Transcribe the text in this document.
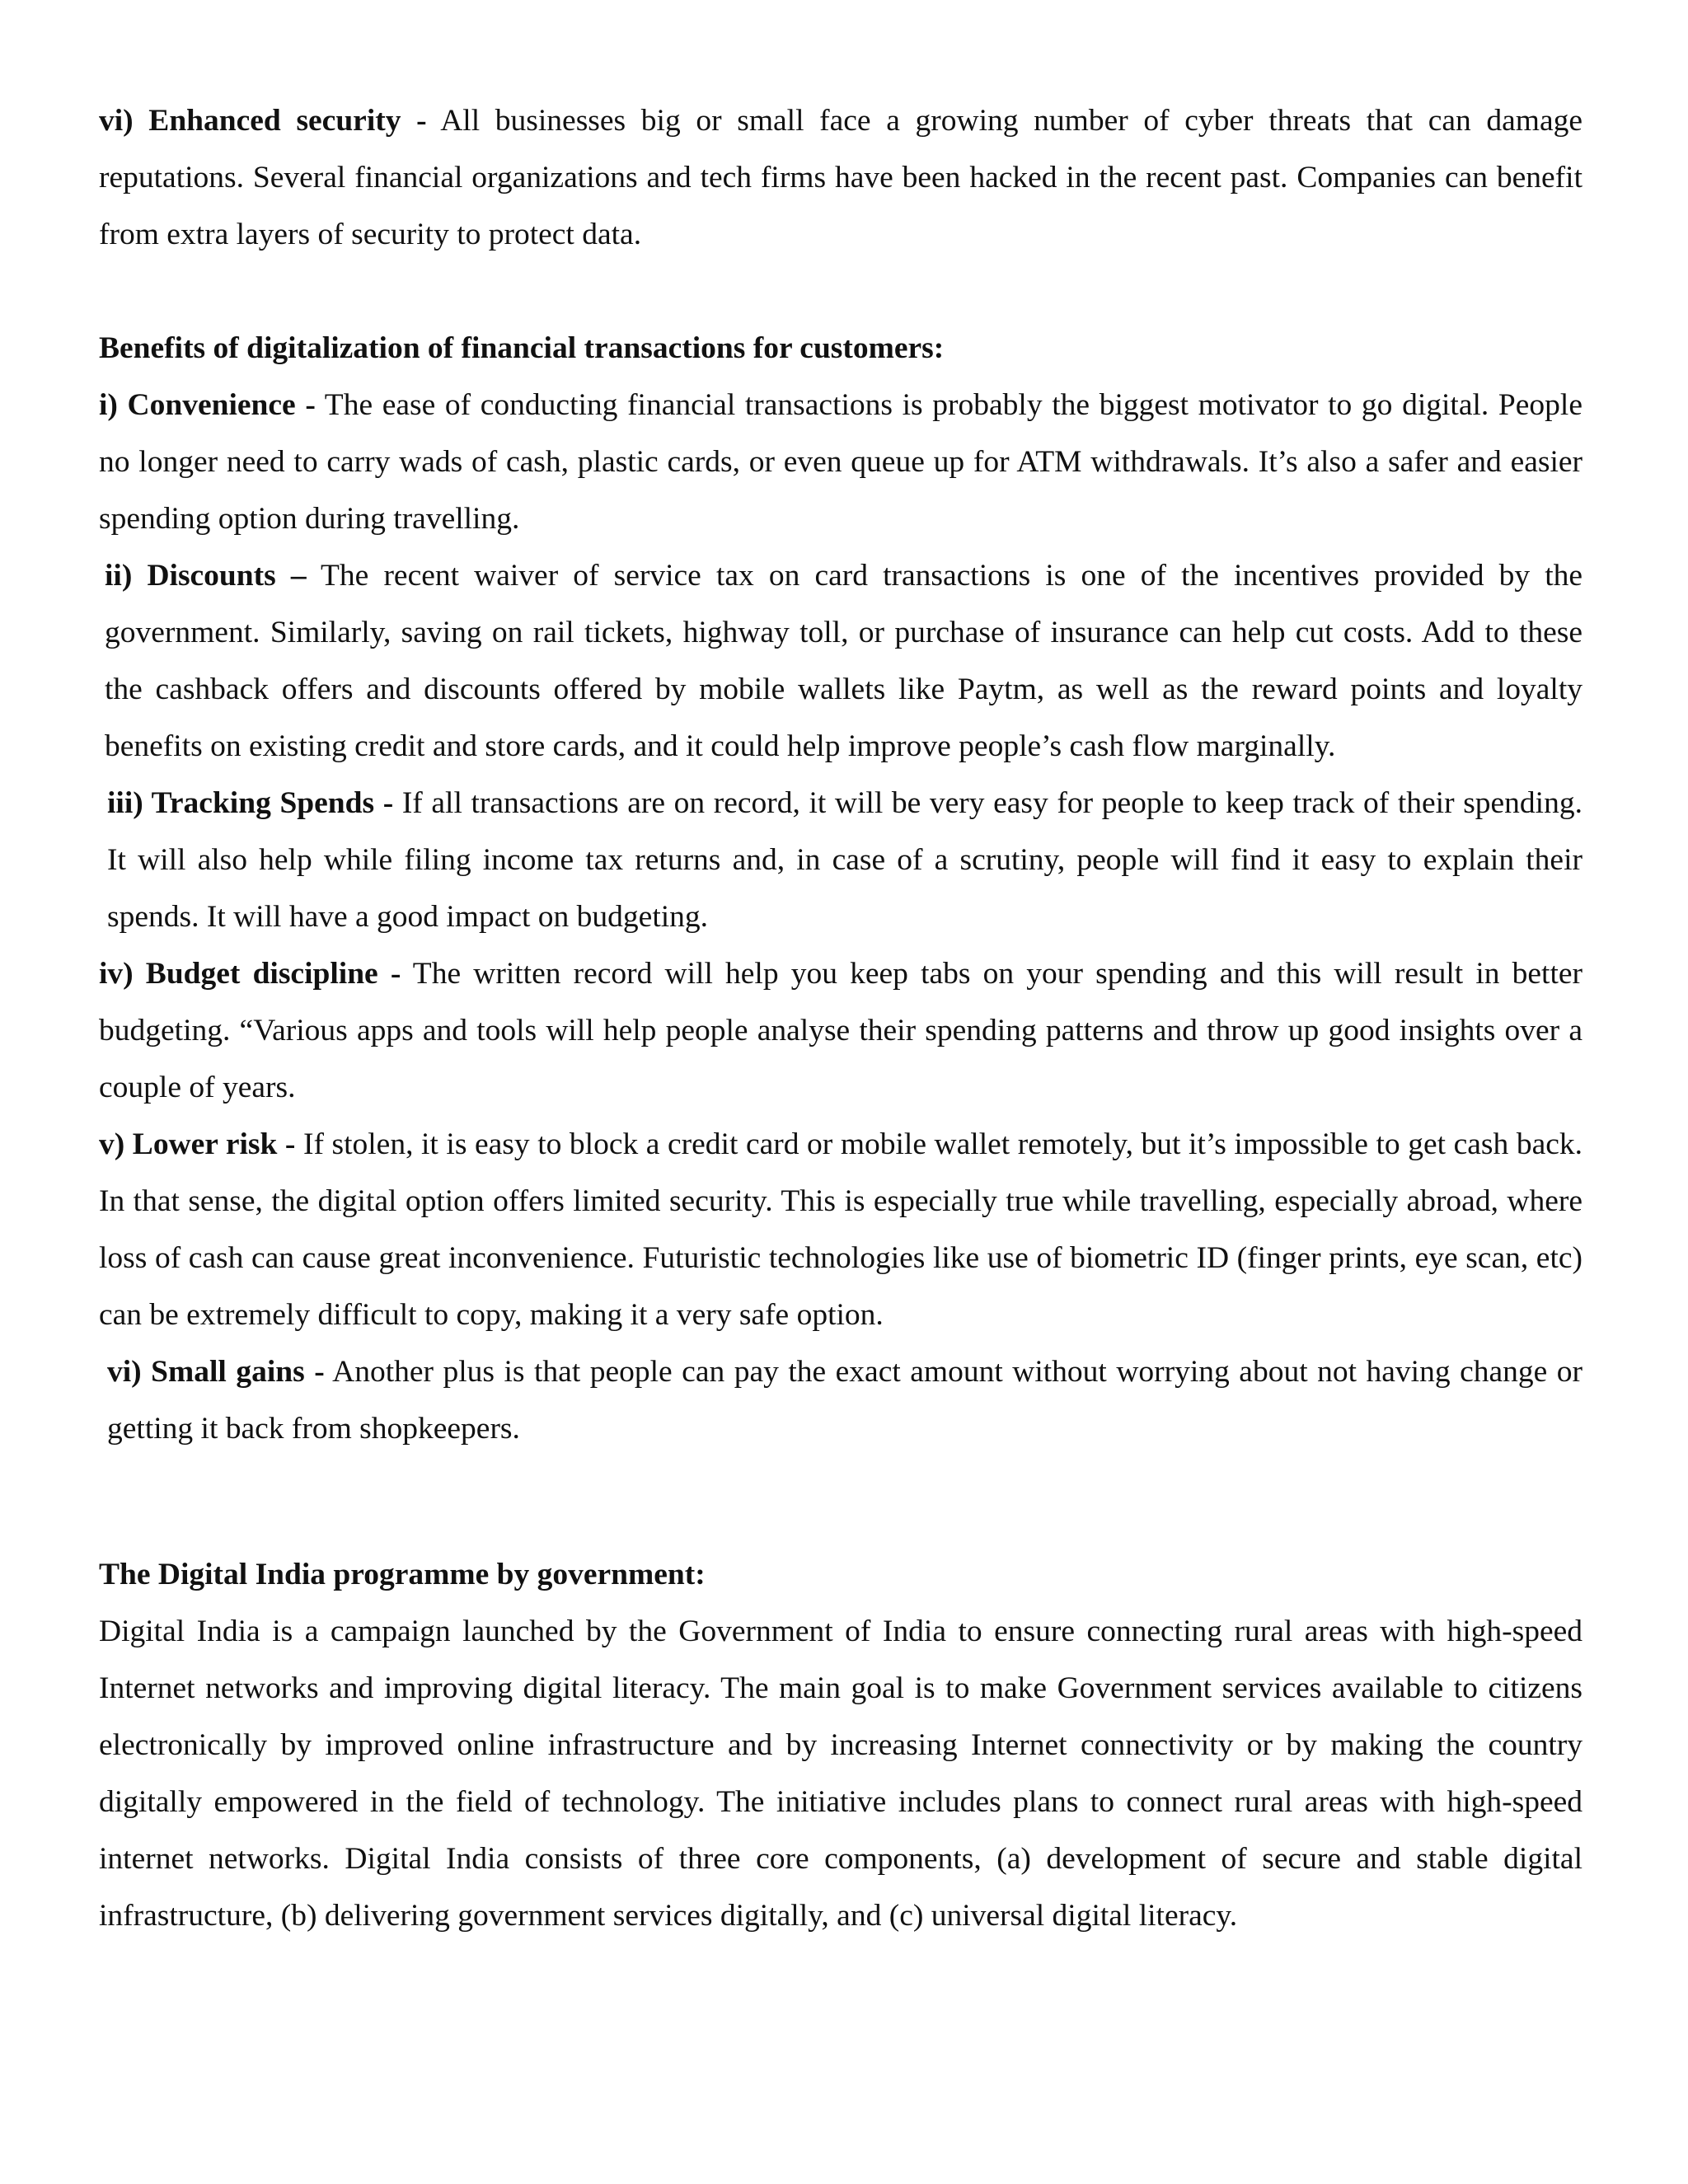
vi) Enhanced security - All businesses big or small face a growing number of cyber threats that can damage reputations. Several financial organizations and tech firms have been hacked in the recent past. Companies can benefit from extra layers of security to protect data.

Benefits of digitalization of financial transactions for customers:

i) Convenience - The ease of conducting financial transactions is probably the biggest motivator to go digital. People no longer need to carry wads of cash, plastic cards, or even queue up for ATM withdrawals. It’s also a safer and easier spending option during travelling.

ii) Discounts – The recent waiver of service tax on card transactions is one of the incentives provided by the government. Similarly, saving on rail tickets, highway toll, or purchase of insurance can help cut costs. Add to these the cashback offers and discounts offered by mobile wallets like Paytm, as well as the reward points and loyalty benefits on existing credit and store cards, and it could help improve people’s cash flow marginally.

iii) Tracking Spends - If all transactions are on record, it will be very easy for people to keep track of their spending. It will also help while filing income tax returns and, in case of a scrutiny, people will find it easy to explain their spends. It will have a good impact on budgeting.

iv) Budget discipline - The written record will help you keep tabs on your spending and this will result in better budgeting. “Various apps and tools will help people analyse their spending patterns and throw up good insights over a couple of years.

v) Lower risk - If stolen, it is easy to block a credit card or mobile wallet remotely, but it’s impossible to get cash back. In that sense, the digital option offers limited security. This is especially true while travelling, especially abroad, where loss of cash can cause great inconvenience. Futuristic technologies like use of biometric ID (finger prints, eye scan, etc) can be extremely difficult to copy, making it a very safe option.

vi) Small gains - Another plus is that people can pay the exact amount without worrying about not having change or getting it back from shopkeepers.

The Digital India programme by government:

Digital India is a campaign launched by the Government of India to ensure connecting rural areas with high-speed Internet networks and improving digital literacy. The main goal is to make Government services available to citizens electronically by improved online infrastructure and by increasing Internet connectivity or by making the country digitally empowered in the field of technology. The initiative includes plans to connect rural areas with high-speed internet networks. Digital India consists of three core components, (a) development of secure and stable digital infrastructure, (b) delivering government services digitally, and (c) universal digital literacy.
